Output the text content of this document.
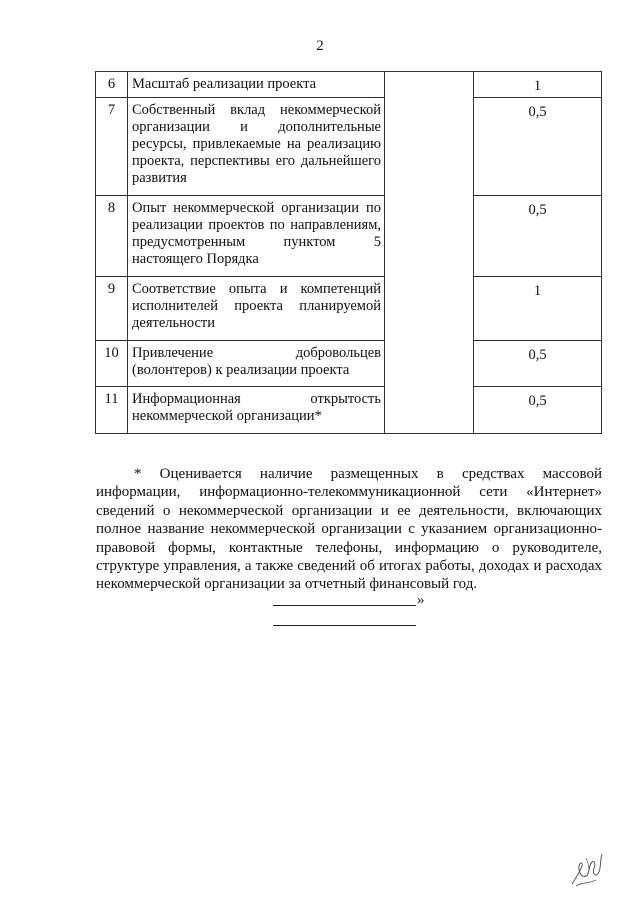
2
6	Масштаб реализации проекта		1
7	Собственный вклад некоммерческой организации и дополнительные ресурсы, привлекаемые на реализацию проекта, перспективы его дальнейшего развития		0,5
8	Опыт некоммерческой организации по реализации проектов по направлениям, предусмотренным пунктом 5 настоящего Порядка		0,5
9	Соответствие опыта и компетенций исполнителей проекта планируемой деятельности		1
10	Привлечение добровольцев (волонтеров) к реализации проекта		0,5
11	Информационная открытость некоммерческой организации*		0,5

* Оценивается наличие размещенных в средствах массовой информации, информационно-телекоммуникационной сети «Интернет» сведений о некоммерческой организации и ее деятельности, включающих полное название некоммерческой организации с указанием организационно-правовой формы, контактные телефоны, информацию о руководителе, структуре управления, а также сведений об итогах работы, доходах и расходах некоммерческой организации за отчетный финансовый год.

»
